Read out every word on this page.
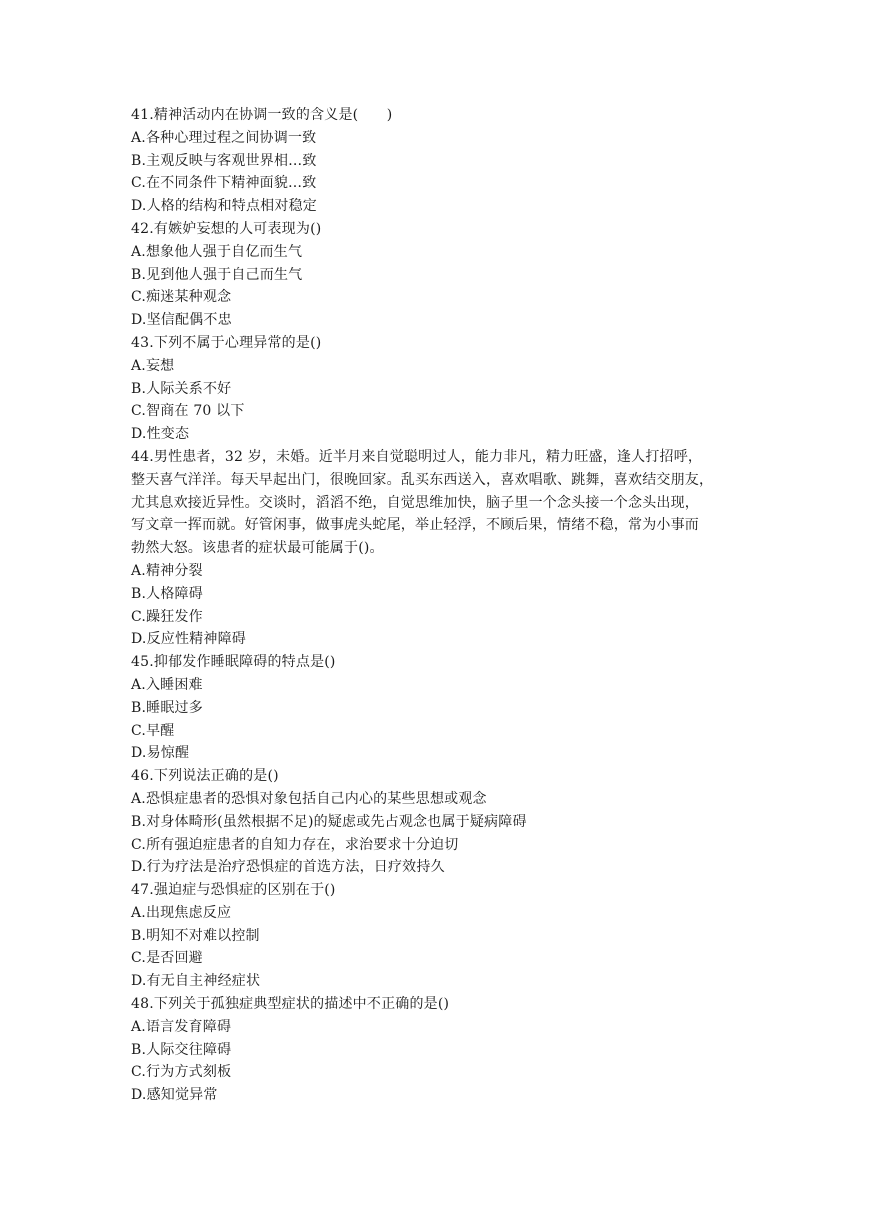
41.精神活动内在协调一致的含义是(　　)
A.各种心理过程之间协调一致
B.主观反映与客观世界相…致
C.在不同条件下精神面貌…致
D.人格的结构和特点相对稳定
42.有嫉妒妄想的人可表现为()
A.想象他人强于自亿而生气
B.见到他人强于自己而生气
C.痴迷某种观念
D.坚信配偶不忠
43.下列不属于心理异常的是()
A.妄想
B.人际关系不好
C.智商在 70 以下
D.性变态
44.男性患者，32 岁，未婚。近半月来自觉聪明过人，能力非凡，精力旺盛，逢人打招呼，
整天喜气洋洋。每天早起出门，很晚回家。乱买东西送入，喜欢唱歌、跳舞，喜欢结交朋友，
尤其息欢接近异性。交谈时，滔滔不绝，自觉思维加快，脑子里一个念头接一个念头出现，
写文章一挥而就。好管闲事，做事虎头蛇尾，举止轻浮，不顾后果，情绪不稳，常为小事而
勃然大怒。该患者的症状最可能属于()。
A.精神分裂
B.人格障碍
C.躁狂发作
D.反应性精神障碍
45.抑郁发作睡眠障碍的特点是()
A.入睡困难
B.睡眠过多
C.早醒
D.易惊醒
46.下列说法正确的是()
A.恐惧症患者的恐惧对象包括自己内心的某些思想或观念
B.对身体畸形(虽然根据不足)的疑虑或先占观念也属于疑病障碍
C.所有强迫症患者的自知力存在，求治要求十分迫切
D.行为疗法是治疗恐惧症的首选方法，日疗效持久
47.强迫症与恐惧症的区别在于()
A.出现焦虑反应
B.明知不对难以控制
C.是否回避
D.有无自主神经症状
48.下列关于孤独症典型症状的描述中不正确的是()
A.语言发育障碍
B.人际交往障碍
C.行为方式刻板
D.感知觉异常
